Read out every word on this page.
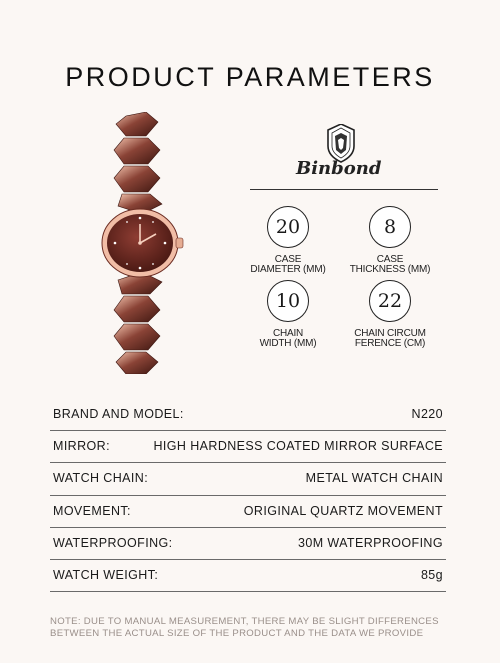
PRODUCT PARAMETERS
Binbond
20
CASE
DIAMETER (MM)
8
CASE
THICKNESS (MM)
10
CHAIN
WIDTH (MM)
22
CHAIN CIRCUM
FERENCE (CM)
BRAND AND MODEL:	N220
MIRROR:	HIGH HARDNESS COATED MIRROR SURFACE
WATCH CHAIN:	METAL WATCH CHAIN
MOVEMENT:	ORIGINAL QUARTZ MOVEMENT
WATERPROOFING:	30M WATERPROOFING
WATCH WEIGHT:	85g
NOTE: DUE TO MANUAL MEASUREMENT, THERE MAY BE SLIGHT DIFFERENCES
BETWEEN THE ACTUAL SIZE OF THE PRODUCT AND THE DATA WE PROVIDE
